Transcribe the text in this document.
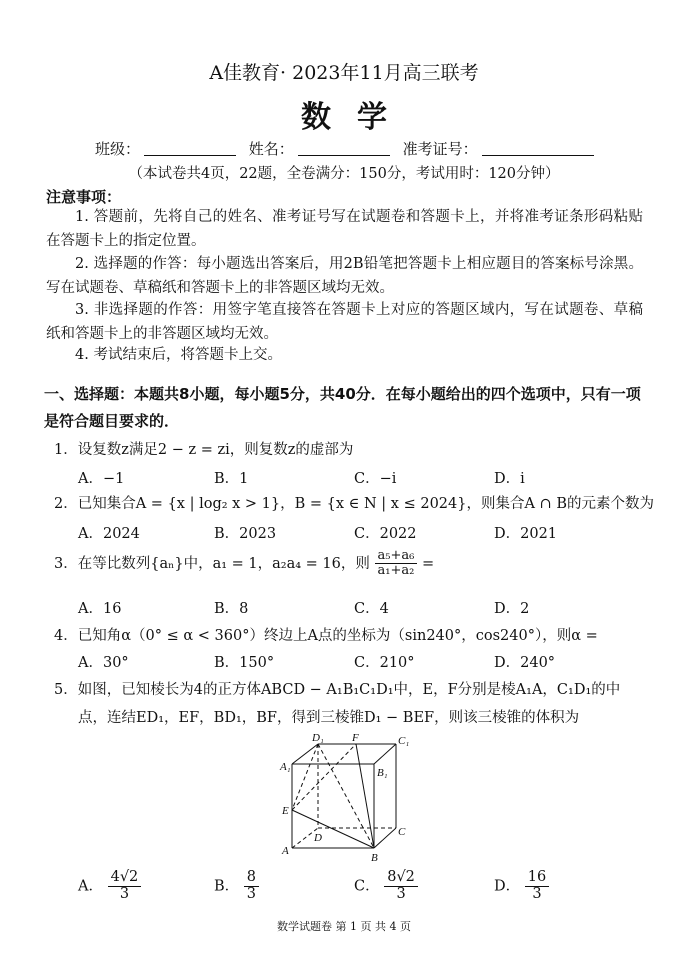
A佳教育· 2023年11月高三联考
数学
班级：	姓名：	准考证号：
（本试卷共4页，22题，全卷满分：150分，考试用时：120分钟）
注意事项：
1. 答题前，先将自己的姓名、准考证号写在试题卷和答题卡上，并将准考证条形码粘贴在答题卡上的指定位置。
2. 选择题的作答：每小题选出答案后，用2B铅笔把答题卡上相应题目的答案标号涂黑。写在试题卷、草稿纸和答题卡上的非答题区域均无效。
3. 非选择题的作答：用签字笔直接答在答题卡上对应的答题区域内，写在试题卷、草稿纸和答题卡上的非答题区域均无效。
4. 考试结束后，将答题卡上交。
一、选择题：本题共8小题，每小题5分，共40分．在每小题给出的四个选项中，只有一项是符合题目要求的．
1．设复数z满足2 − z = zi，则复数z的虚部为
A．−1	B．1	C．−i	D．i
2．已知集合A = {x | log₂ x > 1}，B = {x ∈ N | x ≤ 2024}，则集合A ∩ B的元素个数为
A．2024	B．2023	C．2022	D．2021
3．在等比数列{aₙ}中，a₁ = 1，a₂a₄ = 16，则 $\frac{\text{a₅+a₆}}{\text{a₁+a₂}}$ =
A．16	B．8	C．4	D．2
4．已知角α（0° ≤ α < 360°）终边上A点的坐标为（sin240°，cos240°），则α =
A．30°	B．150°	C．210°	D．240°
5．如图，已知棱长为4的正方体ABCD − A₁B₁C₁D₁中，E，F分别是棱A₁A，C₁D₁的中
点，连结ED₁，EF，BD₁，BF，得到三棱锥D₁ − BEF，则该三棱锥的体积为
D₁	F	C₁
A₁	B₁
E
D	C
A
B
A． $\frac{4√2}{3}$	B． $\frac{8}{3}$	C． $\frac{8√2}{3}$	D． $\frac{16}{3}$
数学试题卷 第 1 页 共 4 页
